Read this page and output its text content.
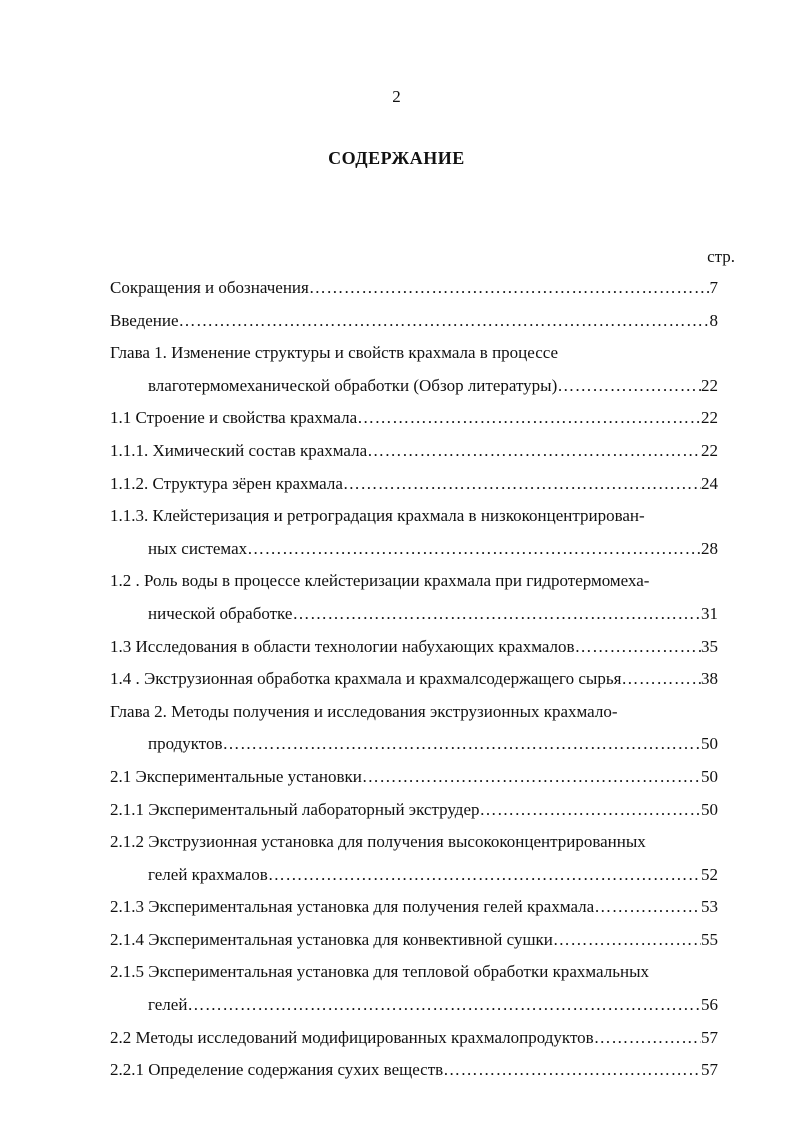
2
СОДЕРЖАНИЕ
стр.
Сокращения и обозначения ………………………………………………………………………………………………………………………………………………	7
Введение ………………………………………………………………………………………………………………………………………………	8
Глава 1. Изменение структуры и свойств крахмала в процессе
влаготермомеханической обработки (Обзор литературы) ………………………………………………………………………………………………………………………………………………	22
1.1 Строение и свойства крахмала ………………………………………………………………………………………………………………………………………………	22
1.1.1. Химический состав крахмала ………………………………………………………………………………………………………………………………………………	22
1.1.2. Структура зёрен крахмала ………………………………………………………………………………………………………………………………………………	24
1.1.3. Клейстеризация и ретроградация крахмала в низкоконцентрирован-
ных системах ………………………………………………………………………………………………………………………………………………	28
1.2 . Роль воды в процессе клейстеризации крахмала при гидротермомеха-
нической обработке ………………………………………………………………………………………………………………………………………………	31
1.3 Исследования в области технологии набухающих крахмалов ………………………………………………………………………………………………………………………………………………	35
1.4 . Экструзионная обработка крахмала и крахмалсодержащего сырья ………………………………………………………………………………………………………………………………………………	38
Глава 2. Методы получения и исследования экструзионных крахмало-
продуктов ………………………………………………………………………………………………………………………………………………	50
2.1 Экспериментальные установки ………………………………………………………………………………………………………………………………………………	50
2.1.1 Экспериментальный лабораторный экструдер ………………………………………………………………………………………………………………………………………………	50
2.1.2 Экструзионная установка для получения высококонцентрированных
гелей крахмалов ………………………………………………………………………………………………………………………………………………	52
2.1.3 Экспериментальная установка для получения гелей крахмала ………………………………………………………………………………………………………………………………………………	53
2.1.4 Экспериментальная установка для конвективной сушки ………………………………………………………………………………………………………………………………………………	55
2.1.5 Экспериментальная установка для тепловой обработки крахмальных
гелей ………………………………………………………………………………………………………………………………………………	56
2.2 Методы исследований модифицированных крахмалопродуктов ………………………………………………………………………………………………………………………………………………	57
2.2.1 Определение содержания сухих веществ ………………………………………………………………………………………………………………………………………………	57
